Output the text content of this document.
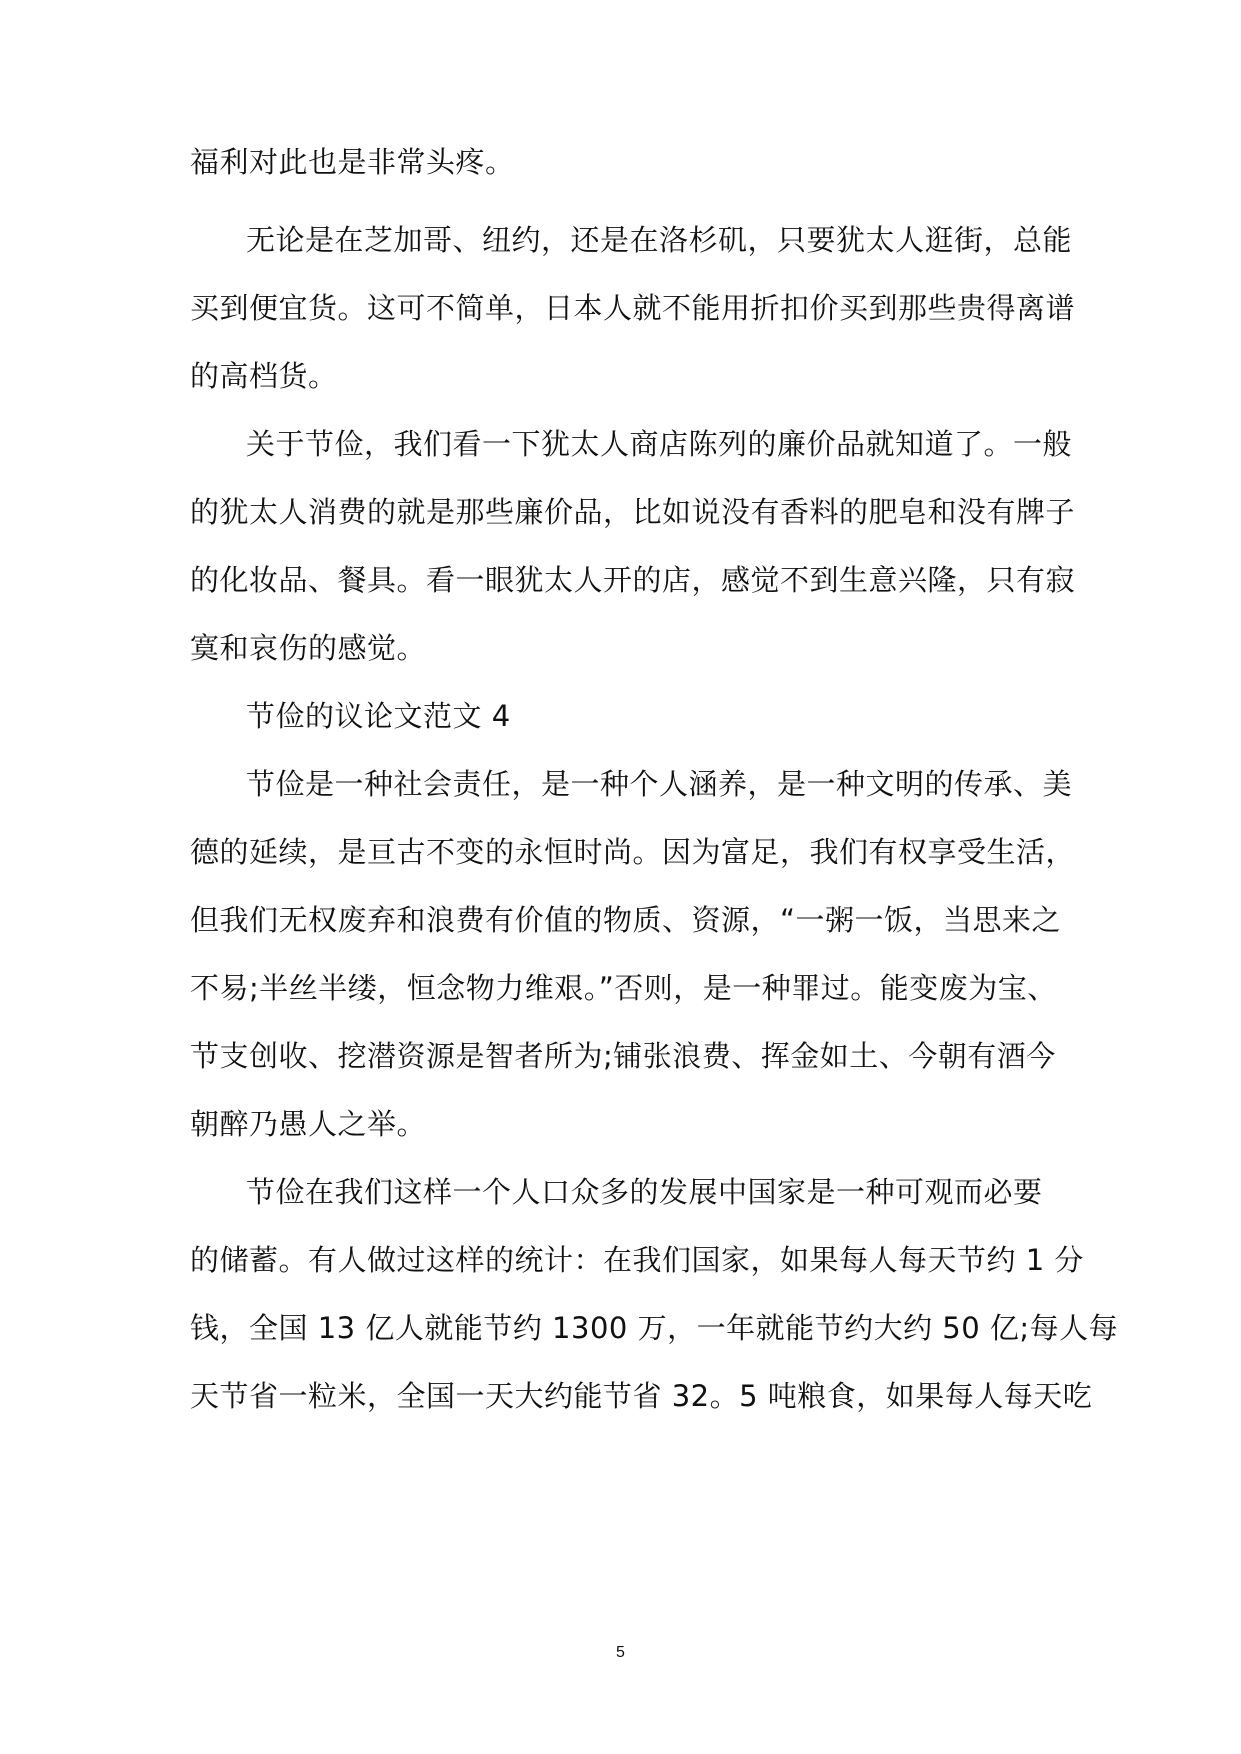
福利对此也是非常头疼。
无论是在芝加哥、纽约，还是在洛杉矶，只要犹太人逛街，总能
买到便宜货。这可不简单，日本人就不能用折扣价买到那些贵得离谱
的高档货。
关于节俭，我们看一下犹太人商店陈列的廉价品就知道了。一般
的犹太人消费的就是那些廉价品，比如说没有香料的肥皂和没有牌子
的化妆品、餐具。看一眼犹太人开的店，感觉不到生意兴隆，只有寂
寞和哀伤的感觉。
节俭的议论文范文 4
节俭是一种社会责任，是一种个人涵养，是一种文明的传承、美
德的延续，是亘古不变的永恒时尚。因为富足，我们有权享受生活，
但我们无权废弃和浪费有价值的物质、资源，“一粥一饭，当思来之
不易;半丝半缕，恒念物力维艰。”否则，是一种罪过。能变废为宝、
节支创收、挖潜资源是智者所为;铺张浪费、挥金如土、今朝有酒今
朝醉乃愚人之举。
节俭在我们这样一个人口众多的发展中国家是一种可观而必要
的储蓄。有人做过这样的统计：在我们国家，如果每人每天节约 1 分
钱，全国 13 亿人就能节约 1300 万，一年就能节约大约 50 亿;每人每
天节省一粒米，全国一天大约能节省 32。5 吨粮食，如果每人每天吃
5
